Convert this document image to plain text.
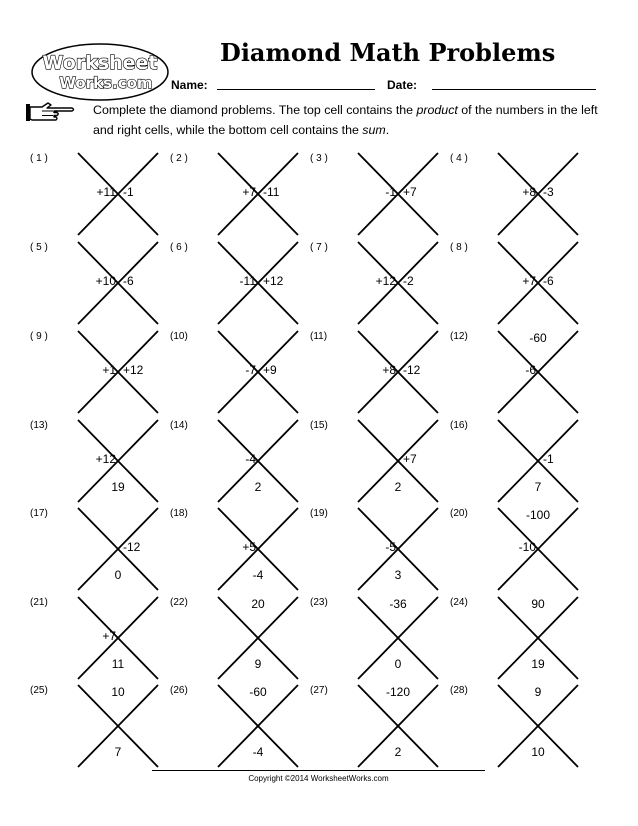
Worksheet
Works.com
Diamond Math Problems
Name:	Date:

Complete the diamond problems. The top cell contains the product of the numbers in the left and right cells, while the bottom cell contains the sum.

( 1 )
+11 -1
( 2 )
+7 -11
( 3 )
-1 +7
( 4 )
+8 -3
( 5 )
+10 -6
( 6 )
-11 +12
( 7 )
+12 -2
( 8 )
+7 -6
( 9 )
+1 +12
(10)
-7 +9
(11)
+8 -12
(12)	-60
-6
(13)
+12
19
(14)
-4
2
(15)
+7
2
(16)
-1
7
(17)
-12
0
(18)
+5
-4
(19)
-5
3
(20)	-100
-10
(21)
+7
11
(22)	20
9
(23)	-36
0
(24)	90
19
(25)	10
7
(26)	-60
-4
(27)	-120
2
(28)	9
10

Copyright ©2014 WorksheetWorks.com
